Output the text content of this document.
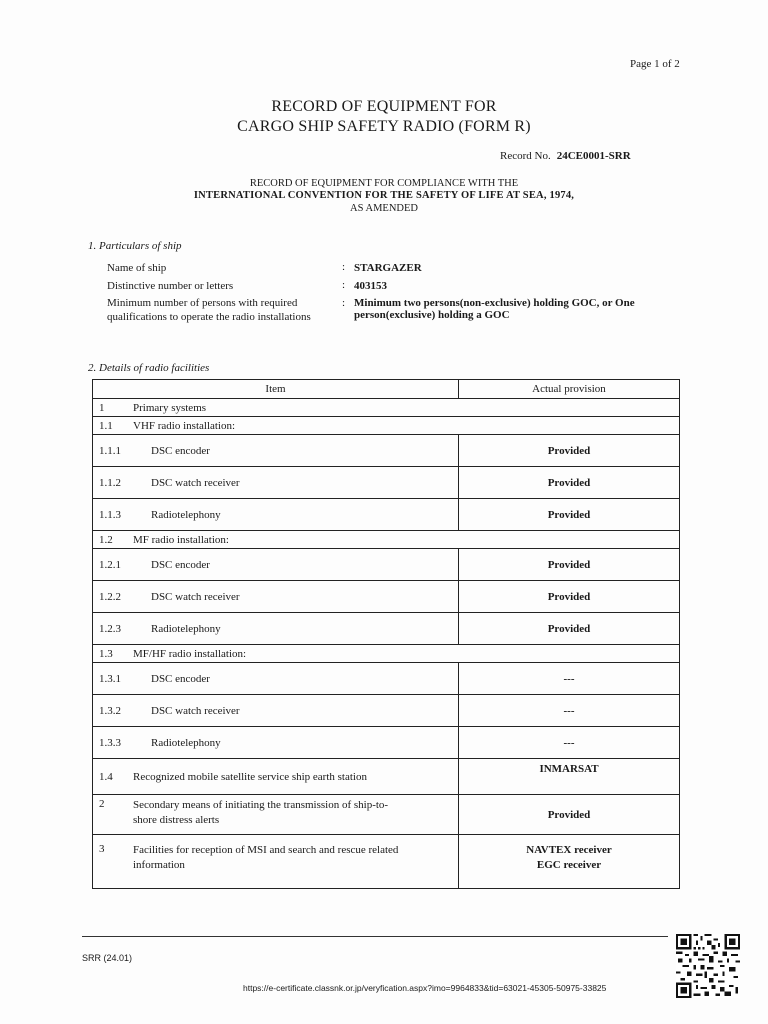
Page 1 of 2
RECORD OF EQUIPMENT FOR
CARGO SHIP SAFETY RADIO (FORM R)
Record No. 24CE0001-SRR
RECORD OF EQUIPMENT FOR COMPLIANCE WITH THE
INTERNATIONAL CONVENTION FOR THE SAFETY OF LIFE AT SEA, 1974,
AS AMENDED
1. Particulars of ship
Name of ship	: STARGAZER
Distinctive number or letters	: 403153
Minimum number of persons with required
qualifications to operate the radio installations
: Minimum two persons(non-exclusive) holding GOC, or One
person(exclusive) holding a GOC
2. Details of radio facilities
Item	Actual provision
1 Primary systems	
1.1 VHF radio installation:	
1.1.1 DSC encoder	Provided
1.1.2 DSC watch receiver	Provided
1.1.3 Radiotelephony	Provided
1.2 MF radio installation:	
1.2.1 DSC encoder	Provided
1.2.2 DSC watch receiver	Provided
1.2.3 Radiotelephony	Provided
1.3 MF/HF radio installation:	
1.3.1 DSC encoder	---
1.3.2 DSC watch receiver	---
1.3.3 Radiotelephony	---
1.4 Recognized mobile satellite service ship earth station	INMARSAT
2 Secondary means of initiating the transmission of ship-to-
shore distress alerts	Provided
3 Facilities for reception of MSI and search and rescue related
information	NAVTEX receiver
EGC receiver
SRR (24.01)
https://e-certificate.classnk.or.jp/veryfication.aspx?imo=9964833&tid=63021-45305-50975-33825
